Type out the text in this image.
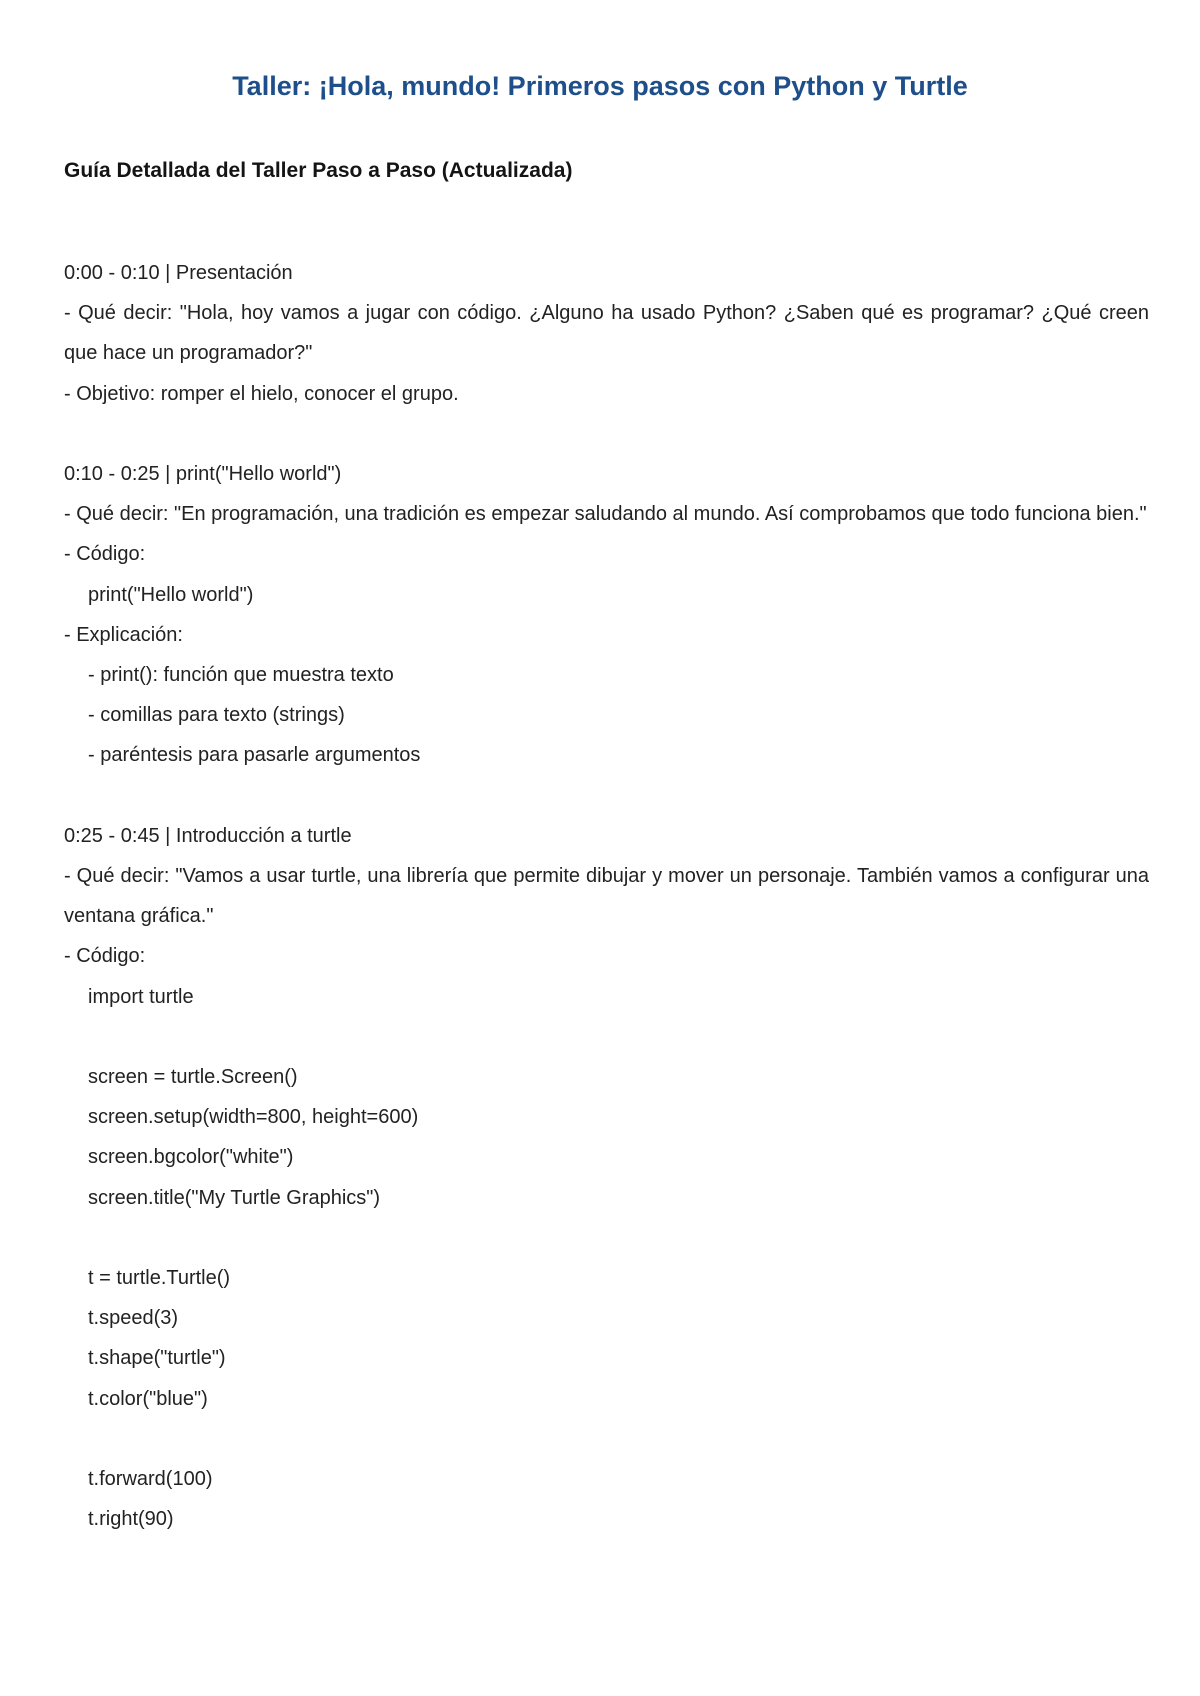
Taller: ¡Hola, mundo! Primeros pasos con Python y Turtle
Guía Detallada del Taller Paso a Paso (Actualizada)
0:00 - 0:10 | Presentación
- Qué decir: "Hola, hoy vamos a jugar con código. ¿Alguno ha usado Python? ¿Saben qué es programar? ¿Qué creen que hace un programador?"
- Objetivo: romper el hielo, conocer el grupo.
0:10 - 0:25 | print("Hello world")
- Qué decir: "En programación, una tradición es empezar saludando al mundo. Así comprobamos que todo funciona bien."
- Código:
print("Hello world")
- Explicación:
- print(): función que muestra texto
- comillas para texto (strings)
- paréntesis para pasarle argumentos
0:25 - 0:45 | Introducción a turtle
- Qué decir: "Vamos a usar turtle, una librería que permite dibujar y mover un personaje. También vamos a configurar una ventana gráfica."
- Código:
import turtle
screen = turtle.Screen()
screen.setup(width=800, height=600)
screen.bgcolor("white")
screen.title("My Turtle Graphics")
t = turtle.Turtle()
t.speed(3)
t.shape("turtle")
t.color("blue")
t.forward(100)
t.right(90)
